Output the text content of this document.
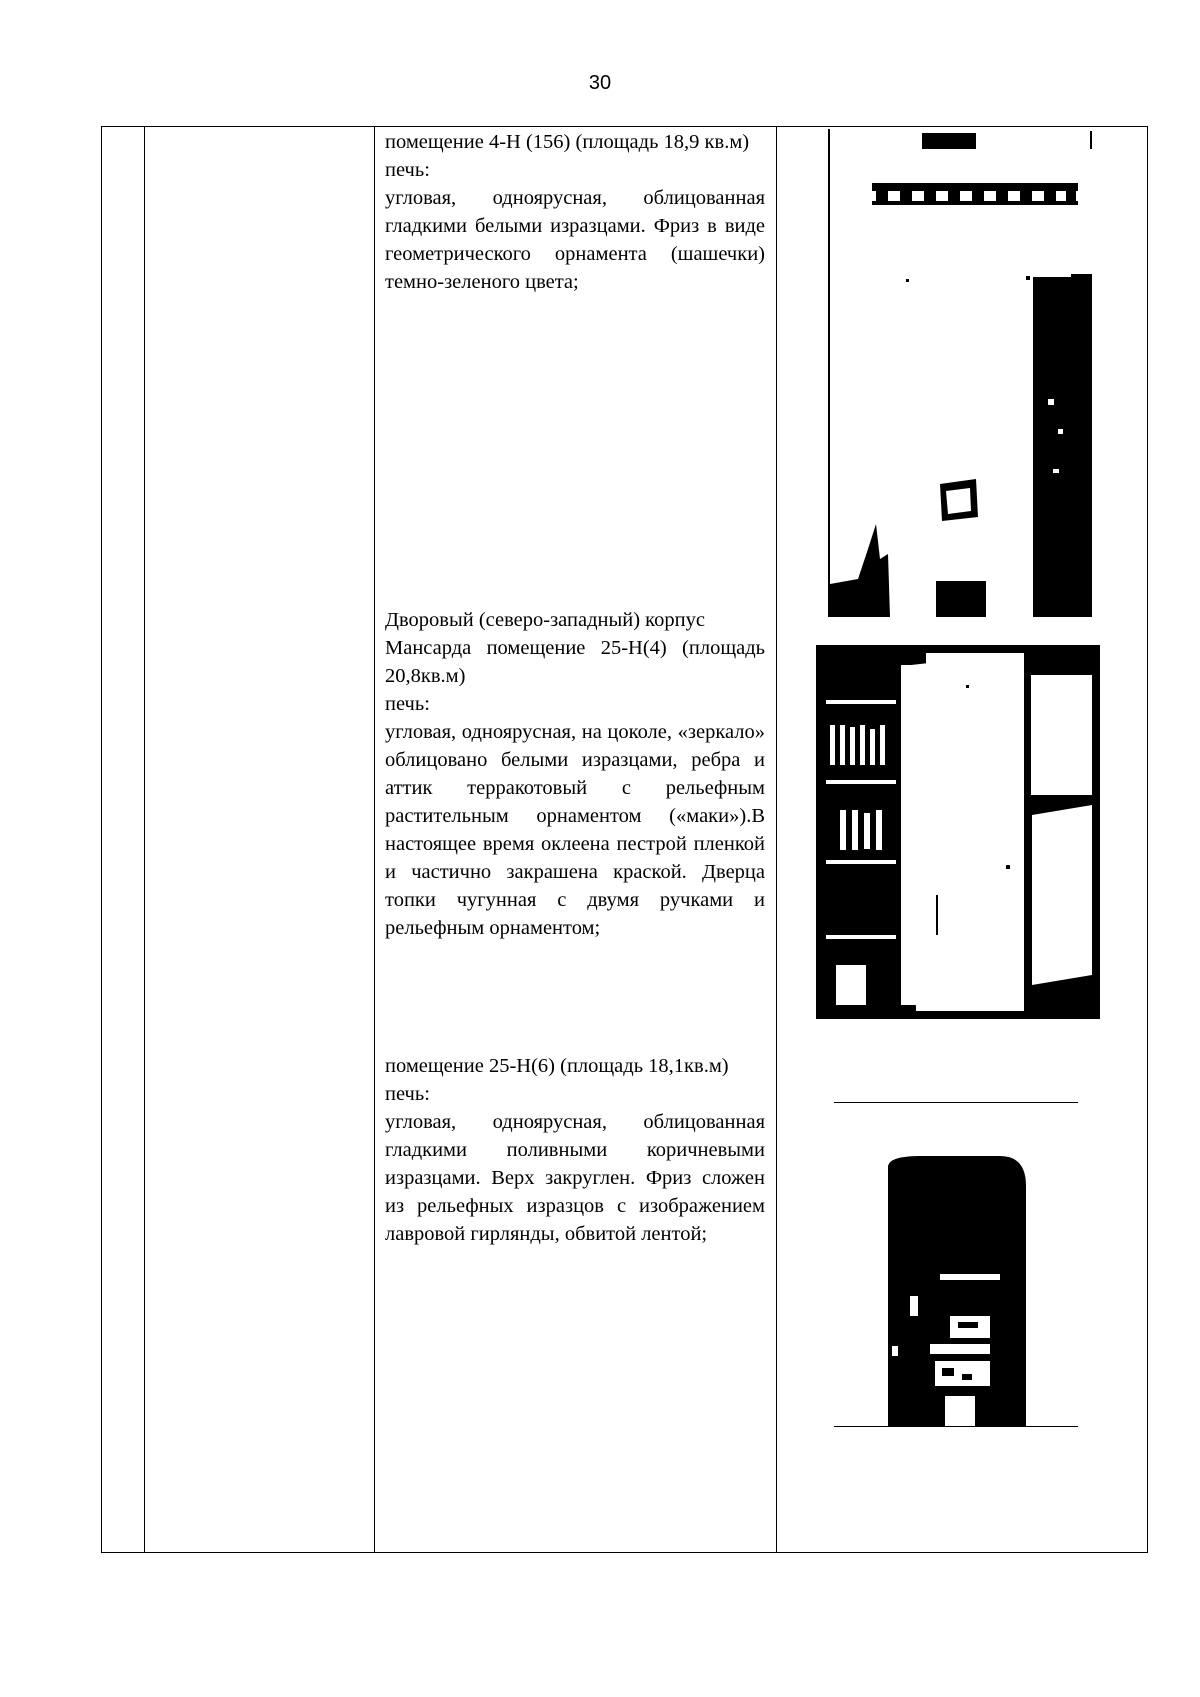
30
помещение 4-Н (156) (площадь 18,9 кв.м)
печь:
угловая, одноярусная, облицованная гладкими белыми изразцами. Фриз в виде геометрического орнамента (шашечки) темно-зеленого цвета;
Дворовый (северо-западный) корпус
Мансарда помещение 25-Н(4) (площадь 20,8кв.м)
печь:
угловая, одноярусная, на цоколе, «зеркало» облицовано белыми изразцами, ребра и аттик терракотовый с рельефным растительным орнаментом («маки»).В настоящее время оклеена пестрой пленкой и частично закрашена краской. Дверца топки чугунная с двумя ручками и рельефным орнаментом;
помещение 25-Н(6) (площадь 18,1кв.м)
печь:
угловая, одноярусная, облицованная гладкими поливными коричневыми изразцами. Верх закруглен. Фриз сложен из рельефных изразцов с изображением лавровой гирлянды, обвитой лентой;
